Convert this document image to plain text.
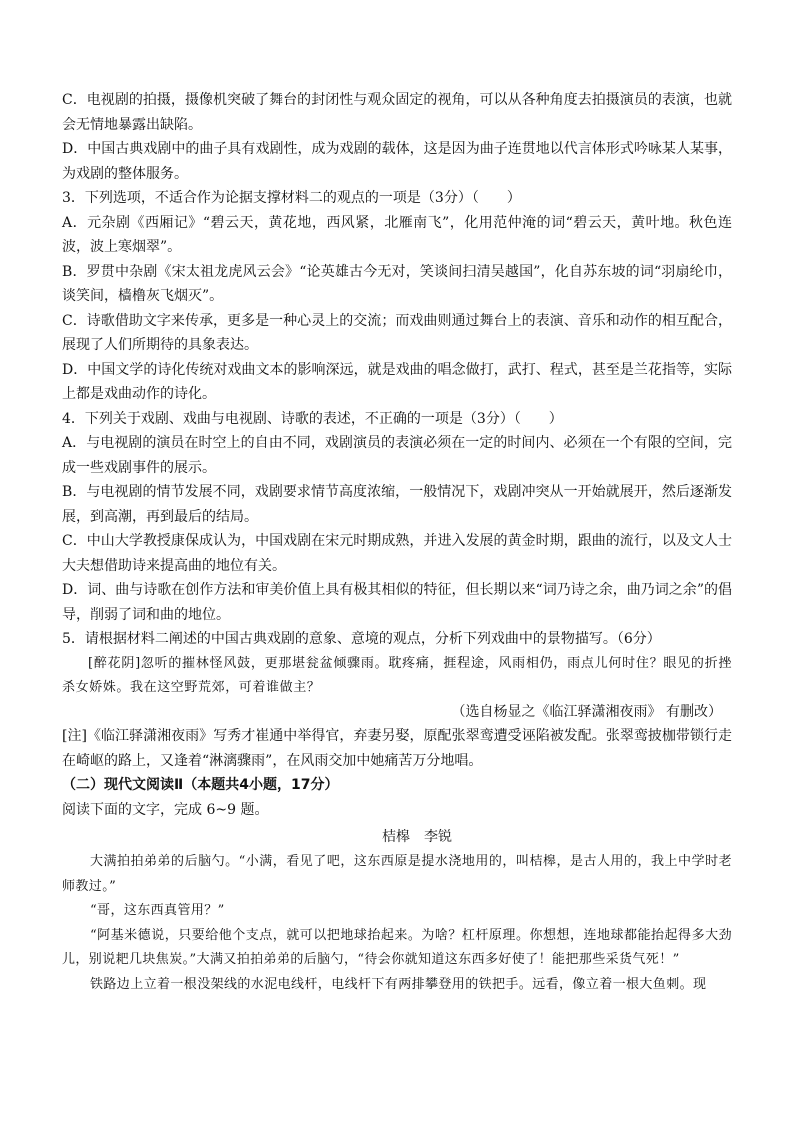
C．电视剧的拍摄，摄像机突破了舞台的封闭性与观众固定的视角，可以从各种角度去拍摄演员的表演，也就会无情地暴露出缺陷。

D．中国古典戏剧中的曲子具有戏剧性，成为戏剧的载体，这是因为曲子连贯地以代言体形式吟咏某人某事，为戏剧的整体服务。

3．下列选项，不适合作为论据支撑材料二的观点的一项是（3分）（　　）

A．元杂剧《西厢记》“碧云天，黄花地，西风紧，北雁南飞”，化用范仲淹的词“碧云天，黄叶地。秋色连波，波上寒烟翠”。

B．罗贯中杂剧《宋太祖龙虎风云会》“论英雄古今无对，笑谈间扫清吴越国”，化自苏东坡的词“羽扇纶巾，谈笑间，樯橹灰飞烟灭”。

C．诗歌借助文字来传承，更多是一种心灵上的交流；而戏曲则通过舞台上的表演、音乐和动作的相互配合，展现了人们所期待的具象表达。

D．中国文学的诗化传统对戏曲文本的影响深远，就是戏曲的唱念做打，武打、程式，甚至是兰花指等，实际上都是戏曲动作的诗化。

4．下列关于戏剧、戏曲与电视剧、诗歌的表述，不正确的一项是（3分）（　　）

A．与电视剧的演员在时空上的自由不同，戏剧演员的表演必须在一定的时间内、必须在一个有限的空间，完成一些戏剧事件的展示。

B．与电视剧的情节发展不同，戏剧要求情节高度浓缩，一般情况下，戏剧冲突从一开始就展开，然后逐渐发展，到高潮，再到最后的结局。

C．中山大学教授康保成认为，中国戏剧在宋元时期成熟，并进入发展的黄金时期，跟曲的流行，以及文人士大夫想借助诗来提高曲的地位有关。

D．词、曲与诗歌在创作方法和审美价值上具有极其相似的特征，但长期以来“词乃诗之余，曲乃词之余”的倡导，削弱了词和曲的地位。

5．请根据材料二阐述的中国古典戏剧的意象、意境的观点，分析下列戏曲中的景物描写。（6分）

[醉花阴]忽听的摧林怪风鼓，更那堪瓮盆倾骤雨。耽疼痛，捱程途，风雨相仍，雨点儿何时住？眼见的折挫杀女娇姝。我在这空野荒郊，可着谁做主？

（选自杨显之《临江驿潇湘夜雨》 有删改）

[注]《临江驿潇湘夜雨》写秀才崔通中举得官，弃妻另娶，原配张翠鸾遭受诬陷被发配。张翠鸾披枷带锁行走在崎岖的路上，又逢着“淋漓骤雨”，在风雨交加中她痛苦万分地唱。

（二）现代文阅读Ⅱ（本题共4小题，17分）

阅读下面的文字，完成 6~9 题。

桔槔　李锐

大满拍拍弟弟的后脑勺。“小满，看见了吧，这东西原是提水浇地用的，叫桔槔，是古人用的，我上中学时老师教过。”

“哥，这东西真管用？”

“阿基米德说，只要给他个支点，就可以把地球抬起来。为啥？杠杆原理。你想想，连地球都能抬起得多大劲儿，别说耙几块焦炭。”大满又拍拍弟弟的后脑勺，“待会你就知道这东西多好使了！能把那些采货气死！”

铁路边上立着一根没架线的水泥电线杆，电线杆下有两排攀登用的铁把手。远看，像立着一根大鱼刺。现
